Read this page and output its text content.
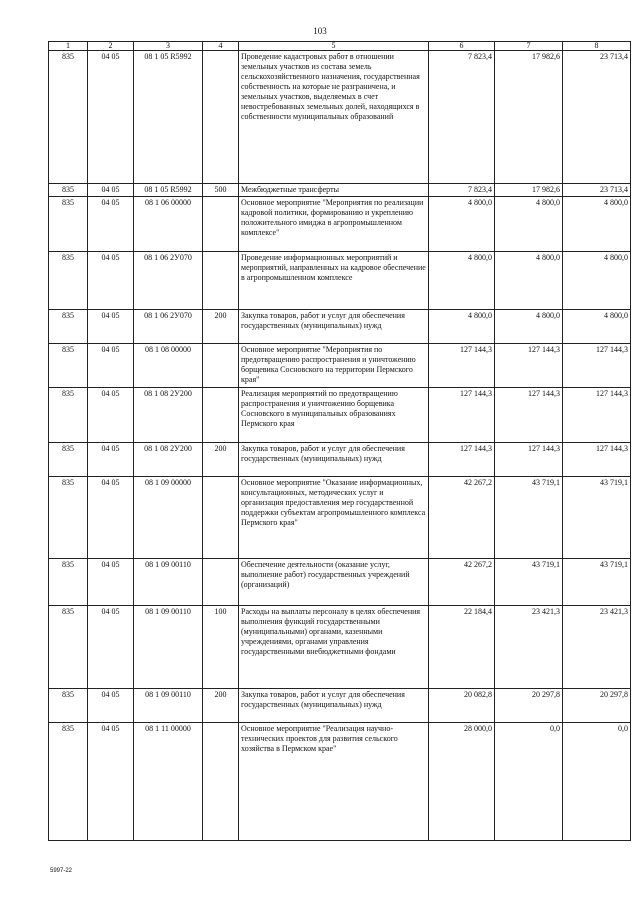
103
1	2	3	4	5	6	7	8
835	04 05	08 1 05 R5992		Проведение кадастровых работ в отношении земельных участков из состава земель сельскохозяйственного назначения, государственная собственность на которые не разграничена, и земельных участков, выделяемых в счет невостребованных земельных долей, находящихся в собственности муниципальных образований	7 823,4	17 982,6	23 713,4
835	04 05	08 1 05 R5992	500	Межбюджетные трансферты	7 823,4	17 982,6	23 713,4
835	04 05	08 1 06 00000		Основное мероприятие "Мероприятия по реализации кадровой политики, формированию и укреплению положительного имиджа в агропромышленном комплексе"	4 800,0	4 800,0	4 800,0
835	04 05	08 1 06 2У070		Проведение информационных мероприятий и мероприятий, направленных на кадровое обеспечение в агропромышленном комплексе	4 800,0	4 800,0	4 800,0
835	04 05	08 1 06 2У070	200	Закупка товаров, работ и услуг для обеспечения государственных (муниципальных) нужд	4 800,0	4 800,0	4 800,0
835	04 05	08 1 08 00000		Основное мероприятие "Мероприятия по предотвращению распространения и уничтожению борщевика Сосновского на территории Пермского края"	127 144,3	127 144,3	127 144,3
835	04 05	08 1 08 2У200		Реализация мероприятий по предотвращению распространения и уничтожению борщевика Сосновского в муниципальных образованиях Пермского края	127 144,3	127 144,3	127 144,3
835	04 05	08 1 08 2У200	200	Закупка товаров, работ и услуг для обеспечения государственных (муниципальных) нужд	127 144,3	127 144,3	127 144,3
835	04 05	08 1 09 00000		Основное мероприятие "Оказание информационных, консультационных, методических услуг и организация предоставления мер государственной поддержки субъектам агропромышленного комплекса Пермского края"	42 267,2	43 719,1	43 719,1
835	04 05	08 1 09 00110		Обеспечение деятельности (оказание услуг, выполнение работ) государственных учреждений (организаций)	42 267,2	43 719,1	43 719,1
835	04 05	08 1 09 00110	100	Расходы на выплаты персоналу в целях обеспечения выполнения функций государственными (муниципальными) органами, казенными учреждениями, органами управления государственными внебюджетными фондами	22 184,4	23 421,3	23 421,3
835	04 05	08 1 09 00110	200	Закупка товаров, работ и услуг для обеспечения государственных (муниципальных) нужд	20 082,8	20 297,8	20 297,8
835	04 05	08 1 11 00000		Основное мероприятие "Реализация научно-технических проектов для развития сельского хозяйства в Пермском крае"	28 000,0	0,0	0,0
5997-22
